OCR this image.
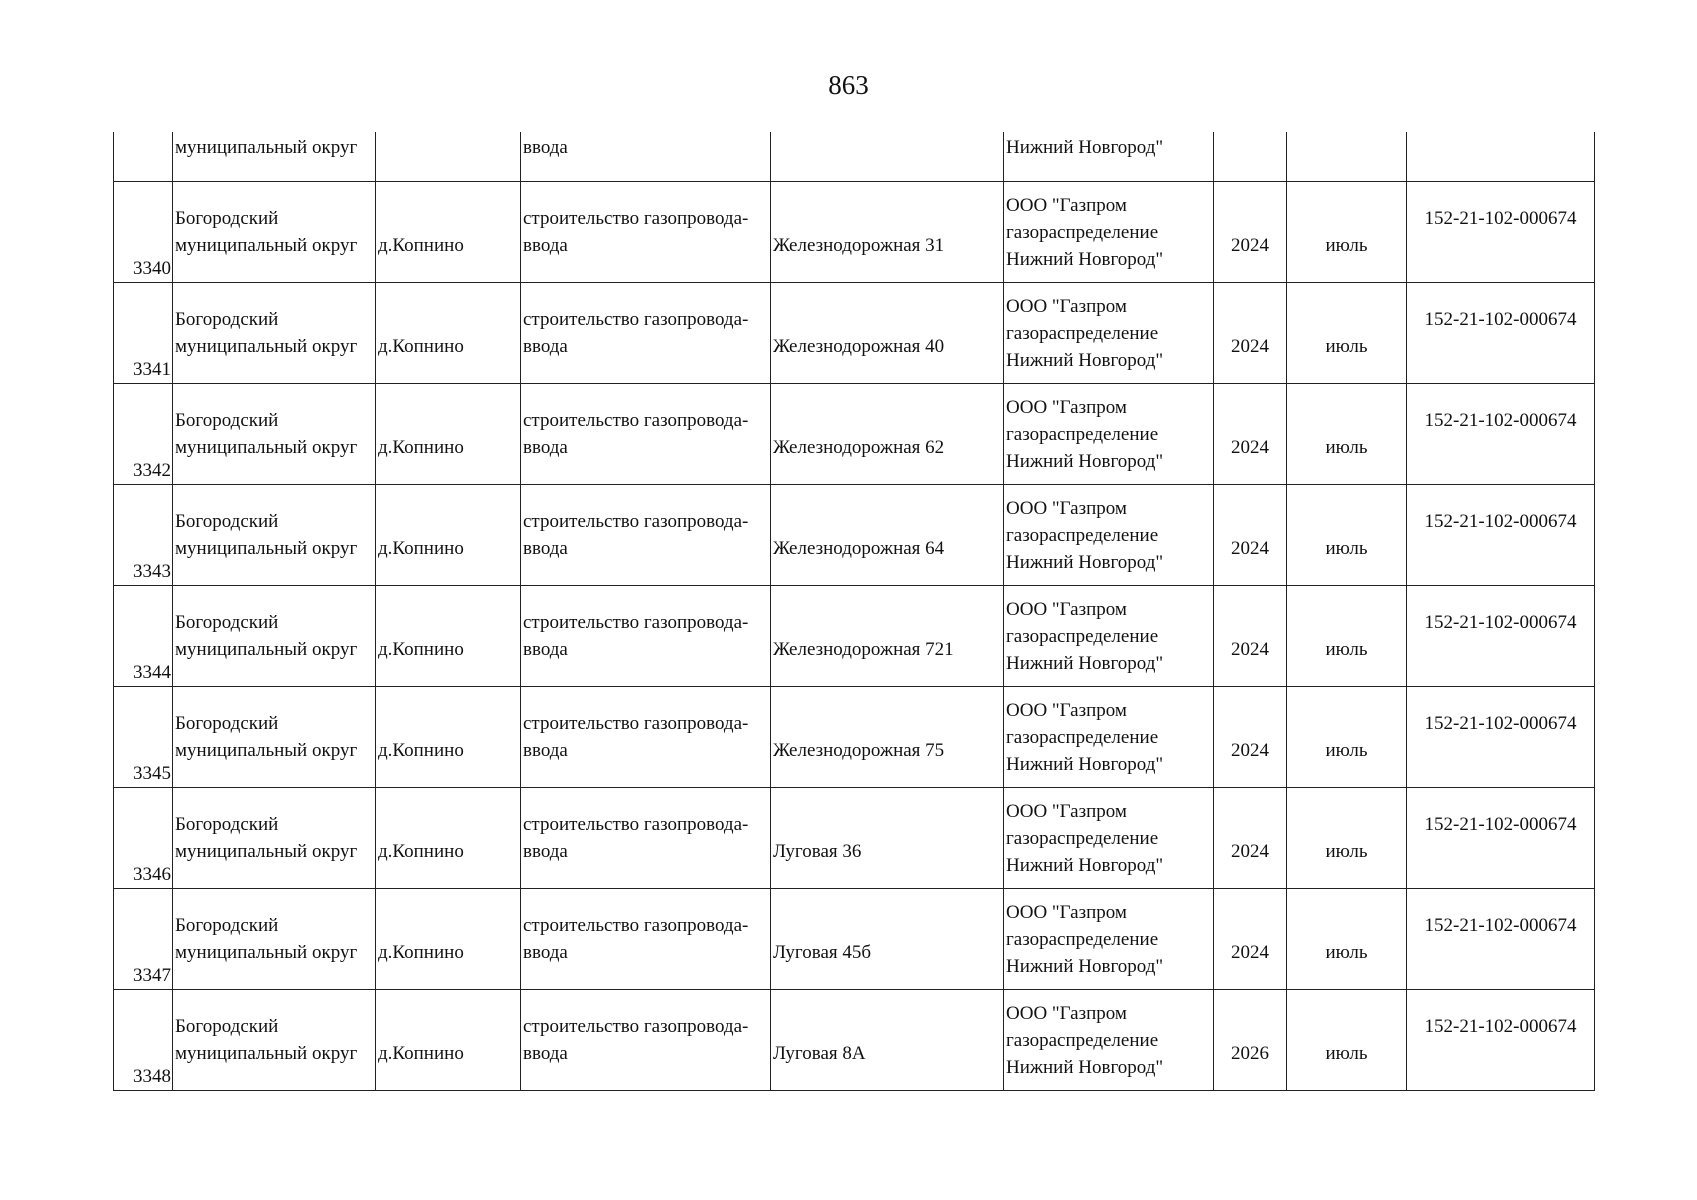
863
	муниципальный округ		ввода		Нижний Новгород"			
3340	Богородский
муниципальный округ	д.Копнино	строительство газопровода-
ввода	Железнодорожная 31	ООО "Газпром
газораспределение
Нижний Новгород"	2024	июль	152-21-102-000674

3341	Богородский
муниципальный округ	д.Копнино	строительство газопровода-
ввода	Железнодорожная 40	ООО "Газпром
газораспределение
Нижний Новгород"	2024	июль	152-21-102-000674

3342	Богородский
муниципальный округ	д.Копнино	строительство газопровода-
ввода	Железнодорожная 62	ООО "Газпром
газораспределение
Нижний Новгород"	2024	июль	152-21-102-000674

3343	Богородский
муниципальный округ	д.Копнино	строительство газопровода-
ввода	Железнодорожная 64	ООО "Газпром
газораспределение
Нижний Новгород"	2024	июль	152-21-102-000674

3344	Богородский
муниципальный округ	д.Копнино	строительство газопровода-
ввода	Железнодорожная 721	ООО "Газпром
газораспределение
Нижний Новгород"	2024	июль	152-21-102-000674

3345	Богородский
муниципальный округ	д.Копнино	строительство газопровода-
ввода	Железнодорожная 75	ООО "Газпром
газораспределение
Нижний Новгород"	2024	июль	152-21-102-000674

3346	Богородский
муниципальный округ	д.Копнино	строительство газопровода-
ввода	Луговая 36	ООО "Газпром
газораспределение
Нижний Новгород"	2024	июль	152-21-102-000674

3347	Богородский
муниципальный округ	д.Копнино	строительство газопровода-
ввода	Луговая 45б	ООО "Газпром
газораспределение
Нижний Новгород"	2024	июль	152-21-102-000674

3348	Богородский
муниципальный округ	д.Копнино	строительство газопровода-
ввода	Луговая 8А	ООО "Газпром
газораспределение
Нижний Новгород"	2026	июль	152-21-102-000674
